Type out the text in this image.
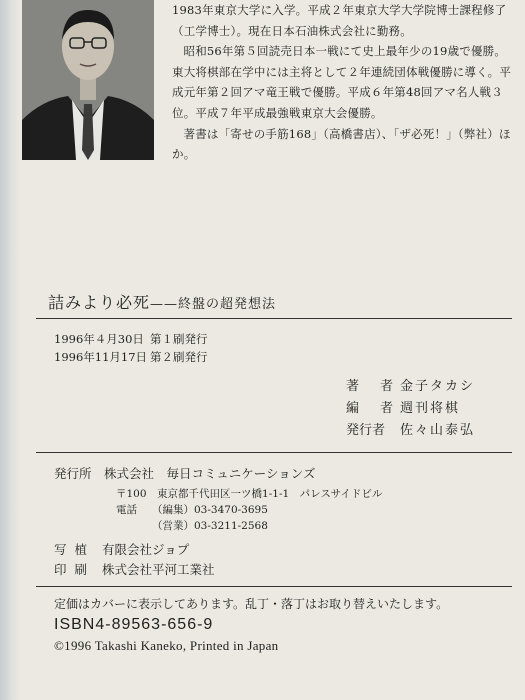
1983年東京大学に入学。平成２年東京大学大学院博士課程修了（工学博士）。現在日本石油株式会社に勤務。

昭和56年第５回読売日本一戦にて史上最年少の19歳で優勝。東大将棋部在学中には主将として２年連続団体戦優勝に導く。平成元年第２回アマ竜王戦で優勝。平成６年第48回アマ名人戦３位。平成７年平成最強戦東京大会優勝。

著書は「寄せの手筋168」（高橋書店）、「ザ必死！」（弊社）ほか。

詰みより必死——終盤の超発想法
1996年４月30日 第１刷発行
1996年11月17日 第２刷発行
著　者 金子タカシ
編　者 週刊将棋
発行者	佐々山泰弘
発行所　 株式会社　毎日コミュニケーションズ
〒100　東京都千代田区一ツ橋1-1-1　パレスサイドビル
電話	（編集） 03-3470-3695
（営業） 03-3211-2568
写植 有限会社ジョプ
印刷 株式会社平河工業社
定価はカバーに表示してあります。乱丁・落丁はお取り替えいたします。
ISBN4-89563-656-9
©1996 Takashi Kaneko, Printed in Japan
